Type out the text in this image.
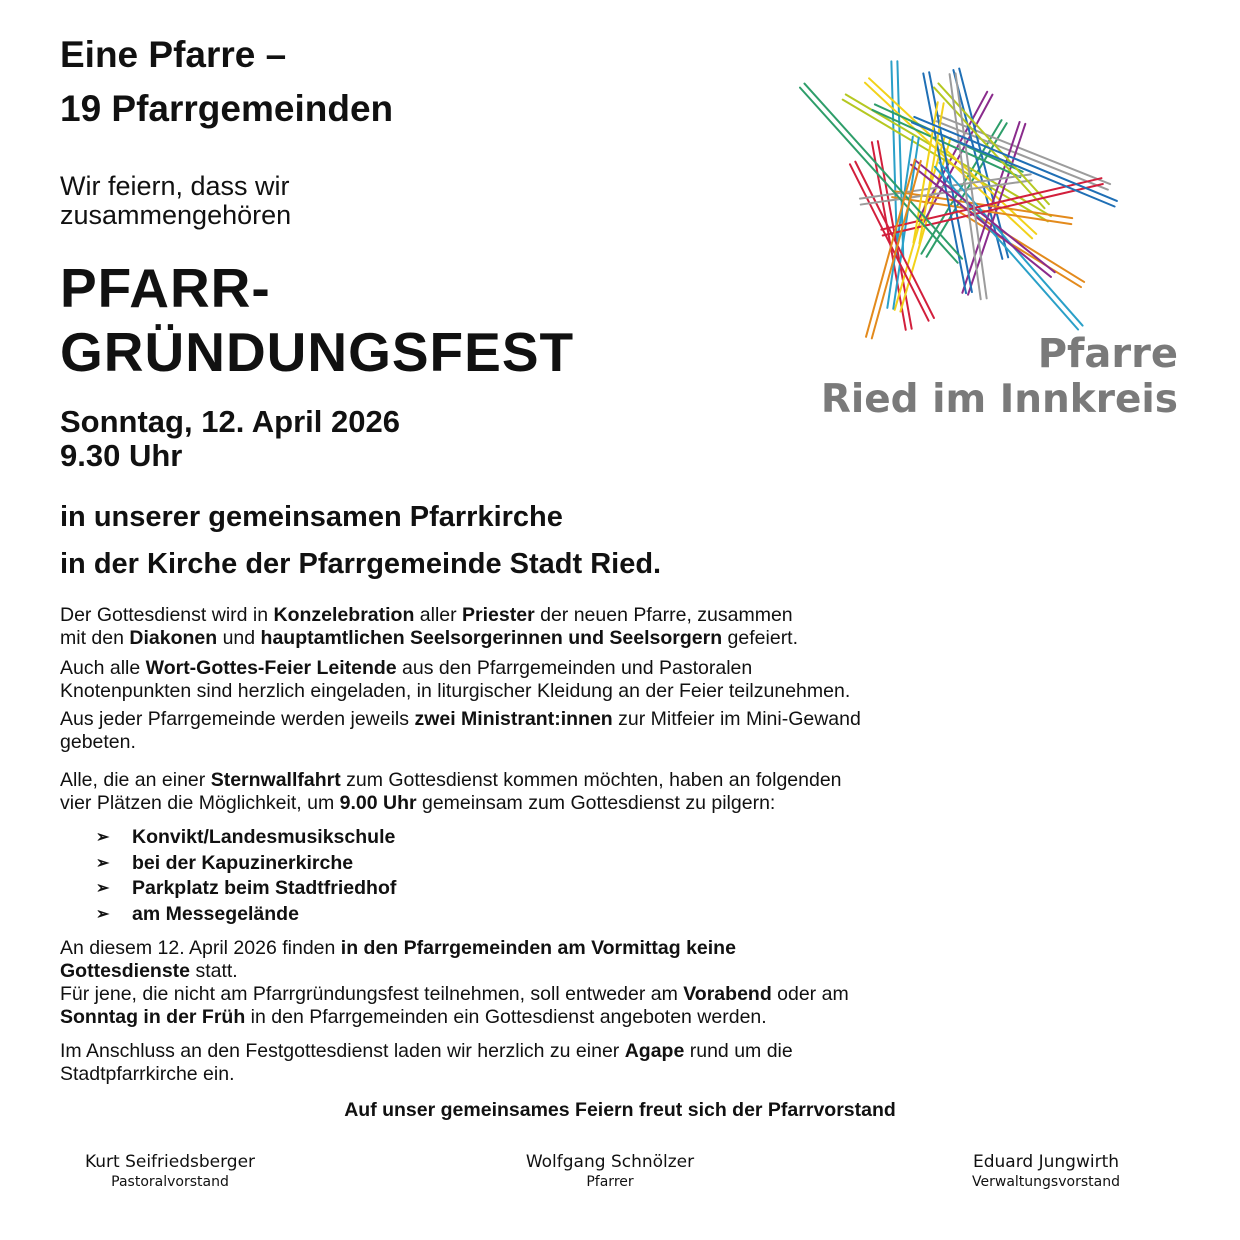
Eine Pfarre –
19 Pfarrgemeinden
Wir feiern, dass wir
zusammengehören
PFARR-
GRÜNDUNGSFEST
Sonntag, 12. April 2026
9.30 Uhr
in unserer gemeinsamen Pfarrkirche
in der Kirche der Pfarrgemeinde Stadt Ried.
Pfarre
Ried im Innkreis
Der Gottesdienst wird in Konzelebration aller Priester der neuen Pfarre, zusammen
mit den Diakonen und hauptamtlichen Seelsorgerinnen und Seelsorgern gefeiert.
Auch alle Wort-Gottes-Feier Leitende aus den Pfarrgemeinden und Pastoralen
Knotenpunkten sind herzlich eingeladen, in liturgischer Kleidung an der Feier teilzunehmen.
Aus jeder Pfarrgemeinde werden jeweils zwei Ministrant:innen zur Mitfeier im Mini-Gewand
gebeten.
Alle, die an einer Sternwallfahrt zum Gottesdienst kommen möchten, haben an folgenden
vier Plätzen die Möglichkeit, um 9.00 Uhr gemeinsam zum Gottesdienst zu pilgern:
➢	Konvikt/Landesmusikschule
➢	bei der Kapuzinerkirche
➢	Parkplatz beim Stadtfriedhof
➢	am Messegelände
An diesem 12. April 2026 finden in den Pfarrgemeinden am Vormittag keine
Gottesdienste statt.
Für jene, die nicht am Pfarrgründungsfest teilnehmen, soll entweder am Vorabend oder am
Sonntag in der Früh in den Pfarrgemeinden ein Gottesdienst angeboten werden.
Im Anschluss an den Festgottesdienst laden wir herzlich zu einer Agape rund um die
Stadtpfarrkirche ein.
Auf unser gemeinsames Feiern freut sich der Pfarrvorstand
Kurt Seifriedsberger
Pastoralvorstand
Wolfgang Schnölzer
Pfarrer
Eduard Jungwirth
Verwaltungsvorstand
